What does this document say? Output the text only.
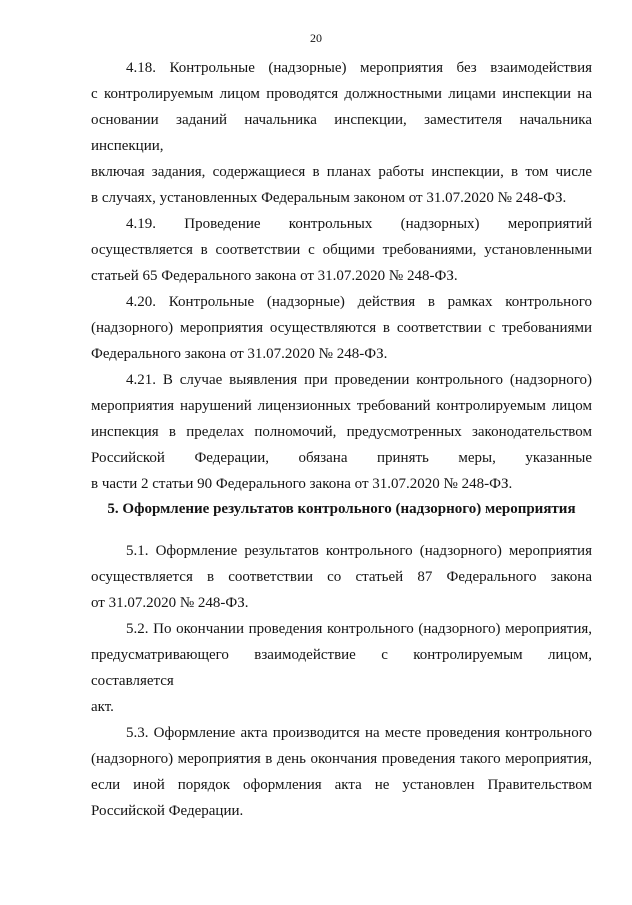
20
4.18. Контрольные (надзорные) мероприятия без взаимодействия
с контролируемым лицом проводятся должностными лицами инспекции на
основании заданий начальника инспекции, заместителя начальника инспекции,
включая задания, содержащиеся в планах работы инспекции, в том числе
в случаях, установленных Федеральным законом от 31.07.2020 № 248-ФЗ.
4.19. Проведение контрольных (надзорных) мероприятий
осуществляется в соответствии с общими требованиями, установленными
статьей 65 Федерального закона от 31.07.2020 № 248-ФЗ.
4.20. Контрольные (надзорные) действия в рамках контрольного
(надзорного) мероприятия осуществляются в соответствии с требованиями
Федерального закона от 31.07.2020 № 248-ФЗ.
4.21. В случае выявления при проведении контрольного (надзорного)
мероприятия нарушений лицензионных требований контролируемым лицом
инспекция в пределах полномочий, предусмотренных законодательством
Российской Федерации, обязана принять меры, указанные
в части 2 статьи 90 Федерального закона от 31.07.2020 № 248-ФЗ.
5. Оформление результатов контрольного (надзорного) мероприятия
5.1. Оформление результатов контрольного (надзорного) мероприятия
осуществляется в соответствии со статьей 87 Федерального закона
от 31.07.2020 № 248-ФЗ.
5.2. По окончании проведения контрольного (надзорного) мероприятия,
предусматривающего взаимодействие с контролируемым лицом, составляется
акт.
5.3. Оформление акта производится на месте проведения контрольного
(надзорного) мероприятия в день окончания проведения такого мероприятия,
если иной порядок оформления акта не установлен Правительством
Российской Федерации.
